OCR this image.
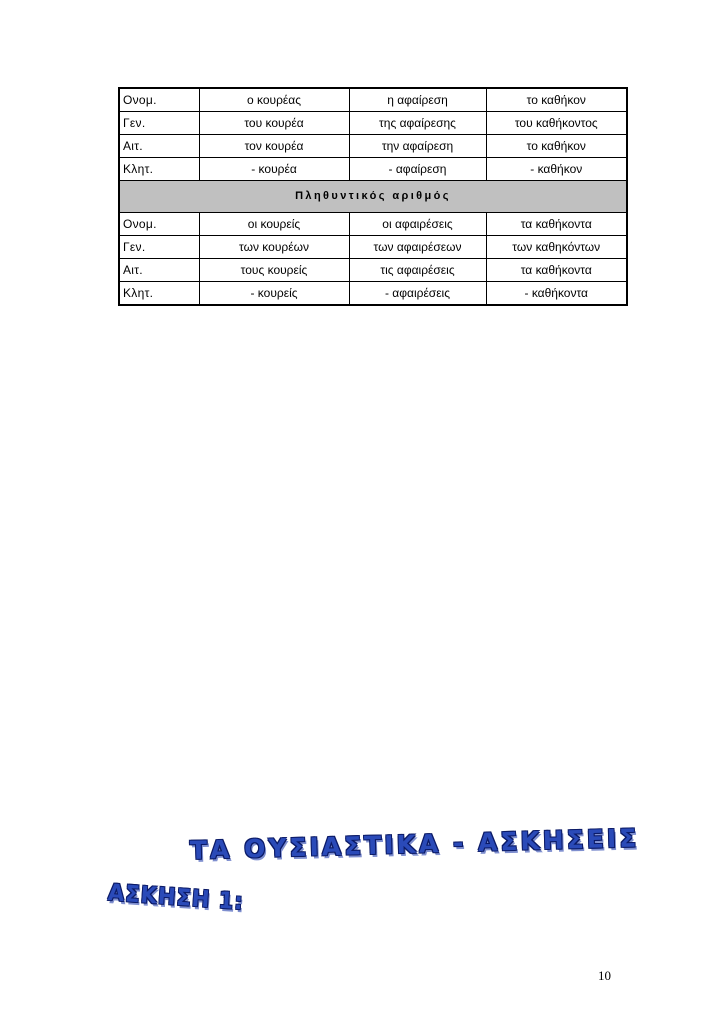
Ονομ.	ο κουρέας	η αφαίρεση	το καθήκον
Γεν.	του κουρέα	της αφαίρεσης	του καθήκοντος
Αιτ.	τον κουρέα	την αφαίρεση	το καθήκον
Κλητ.	- κουρέα	- αφαίρεση	- καθήκον
Πληθυντικός αριθμός			
Ονομ.	οι κουρείς	οι αφαιρέσεις	τα καθήκοντα
Γεν.	των κουρέων	των αφαιρέσεων	των καθηκόντων
Αιτ.	τους κουρείς	τις αφαιρέσεις	τα καθήκοντα
Κλητ.	- κουρείς	- αφαιρέσεις	- καθήκοντα
ΤΑ ΟΥΣΙΑΣΤΙΚΑ - ΑΣΚΗΣΕΙΣ
ΑΣΚΗΣΗ 1:
10
